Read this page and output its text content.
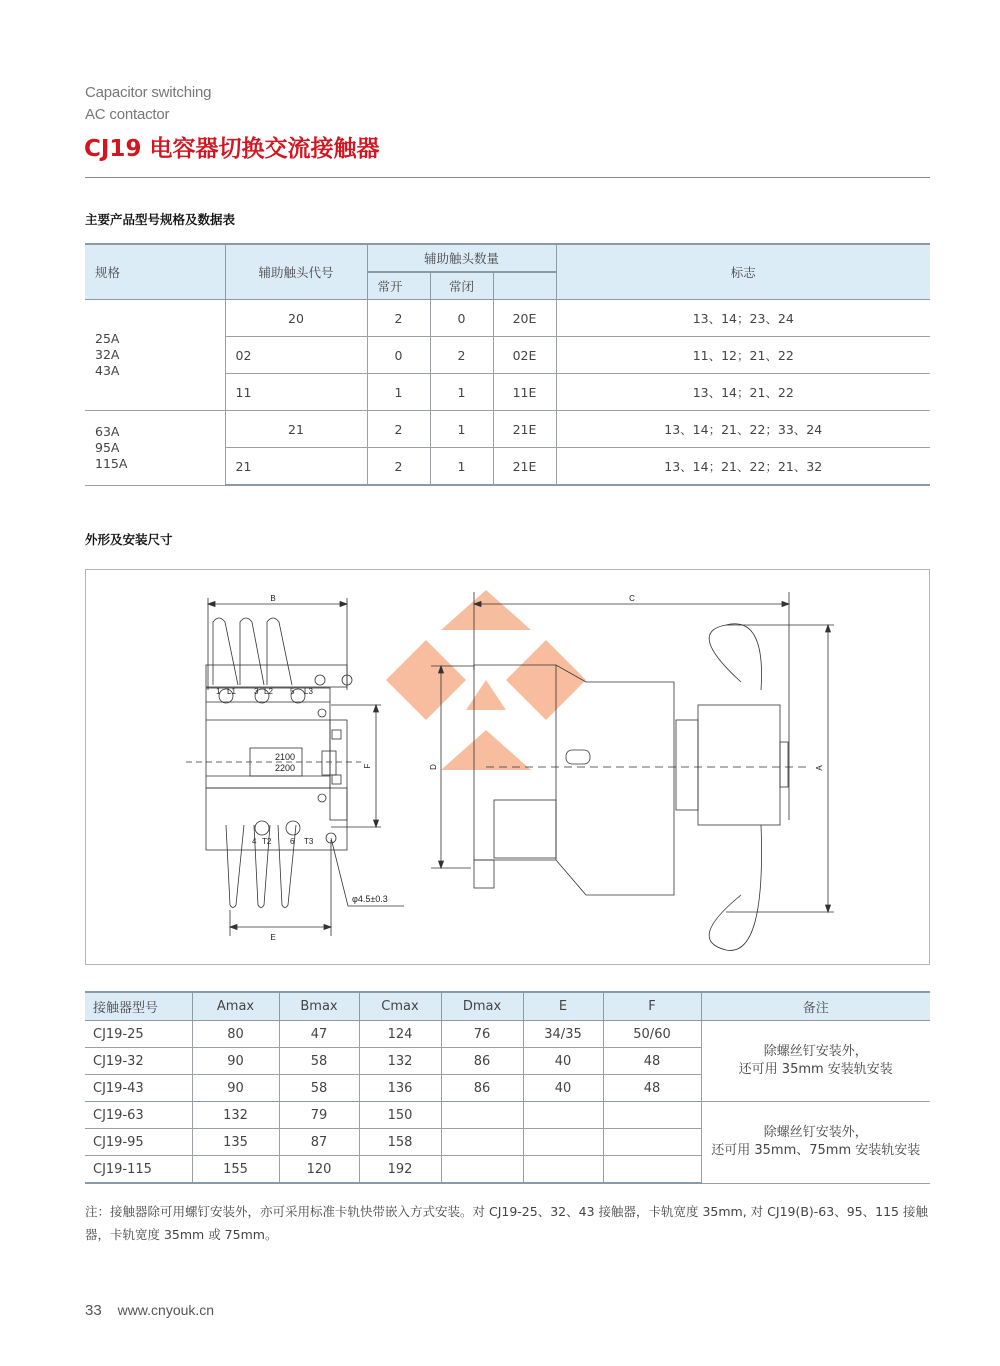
Capacitor switching
AC contactor
CJ19 电容器切换交流接触器
主要产品型号规格及数据表
规格	辅助触头代号	辅助触头数量			标志
		常开	常闭		

25A
32A
43A	20	2	0	20E	13、14；23、24
	02	0	2	02E	11、12；21、22
	11	1	1	11E	13、14；21、22

63A
95A
115A	21	2	1	21E	13、14；21、22；33、24
	21	2	1	21E	13、14；21、22；21、32
外形及安装尺寸
B
E
F
φ4.5±0.3
1 L1 3 L2 5 L3
4 T2 6 T3
2100
2200
C
D	A
接触器型号	Amax	Bmax	Cmax	Dmax	E	F	备注
CJ19-25	80	47	124	76	34/35	50/60	除螺丝钉安装外，
还可用 35mm 安装轨安装

CJ19-32	90	58	132	86	40	48	
CJ19-43	90	58	136	86	40	48	
CJ19-63	132	79	150				除螺丝钉安装外，
还可用 35mm、75mm 安装轨安装

CJ19-95	135	87	158				
CJ19-115	155	120	192				
注：接触器除可用螺钉安装外，亦可采用标准卡轨快带嵌入方式安装。对 CJ19-25、32、43 接触器，卡轨宽度 35mm, 对 CJ19(B)-63、95、115 接触器，卡轨宽度 35mm 或 75mm。
33 www.cnyouk.cn
